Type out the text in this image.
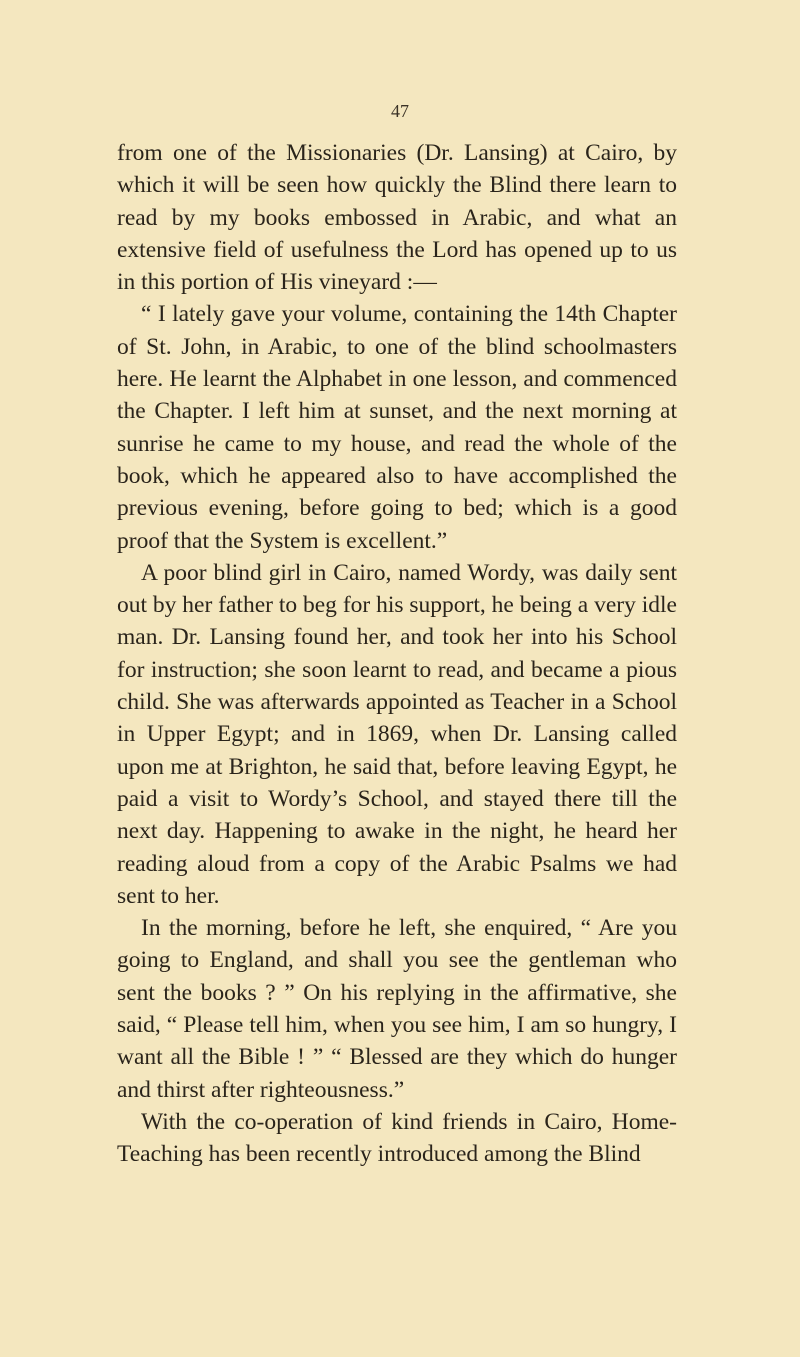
47

from one of the Missionaries (Dr. Lansing) at Cairo, by which it will be seen how quickly the Blind there learn to read by my books embossed in Arabic, and what an extensive field of usefulness the Lord has opened up to us in this portion of His vineyard :—

“ I lately gave your volume, containing the 14th Chapter of St. John, in Arabic, to one of the blind schoolmasters here. He learnt the Alphabet in one lesson, and commenced the Chapter. I left him at sunset, and the next morning at sunrise he came to my house, and read the whole of the book, which he appeared also to have accomplished the previous evening, before going to bed; which is a good proof that the System is excellent.”

A poor blind girl in Cairo, named Wordy, was daily sent out by her father to beg for his support, he being a very idle man. Dr. Lansing found her, and took her into his School for instruction; she soon learnt to read, and became a pious child. She was afterwards appointed as Teacher in a School in Upper Egypt; and in 1869, when Dr. Lansing called upon me at Brighton, he said that, before leaving Egypt, he paid a visit to Wordy’s School, and stayed there till the next day. Happening to awake in the night, he heard her reading aloud from a copy of the Arabic Psalms we had sent to her.

In the morning, before he left, she enquired, “ Are you going to England, and shall you see the gentleman who sent the books ? ” On his replying in the affirmative, she said, “ Please tell him, when you see him, I am so hungry, I want all the Bible ! ” “ Blessed are they which do hunger and thirst after righteousness.”

With the co-operation of kind friends in Cairo, Home-Teaching has been recently introduced among the Blind
